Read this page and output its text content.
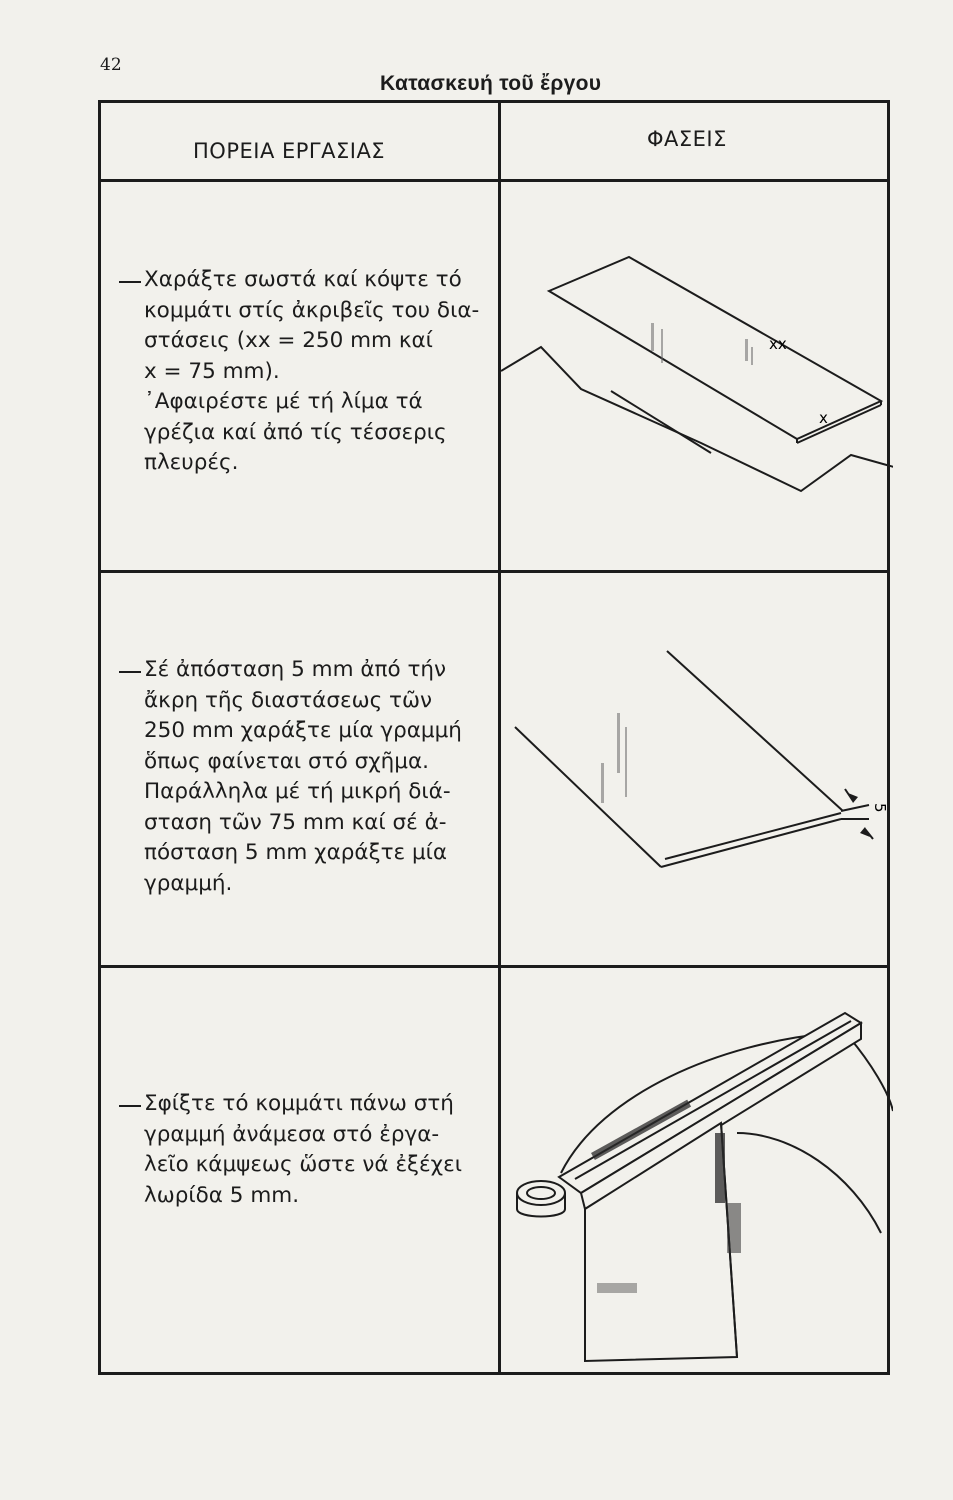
42
Κατασκευή τοῦ ἔργου
ΠΟΡΕΙΑ ΕΡΓΑΣΙΑΣ	ΦΑΣΕΙΣ

Χαράξτε σωστά καί κόψτε τό

κομμάτι στίς ἀκριβεῖς του δια-

στάσεις (xx = 250 mm καί

x = 75 mm).

᾿Αφαιρέστε μέ τή λίμα τά

γρέζια καί ἀπό τίς τέσσερις

πλευρές.

xx
x

Σέ ἀπόσταση 5 mm ἀπό τήν

ἄκρη τῆς διαστάσεως τῶν

250 mm χαράξτε μία γραμμή

ὅπως φαίνεται στό σχῆμα.

Παράλληλα μέ τή μικρή διά-

σταση τῶν 75 mm καί σέ ἀ-

πόσταση 5 mm χαράξτε μία

γραμμή.

5

Σφίξτε τό κομμάτι πάνω στή

γραμμή ἀνάμεσα στό ἐργα-

λεῖο κάμψεως ὥστε νά ἐξέχει

λωρίδα 5 mm.
